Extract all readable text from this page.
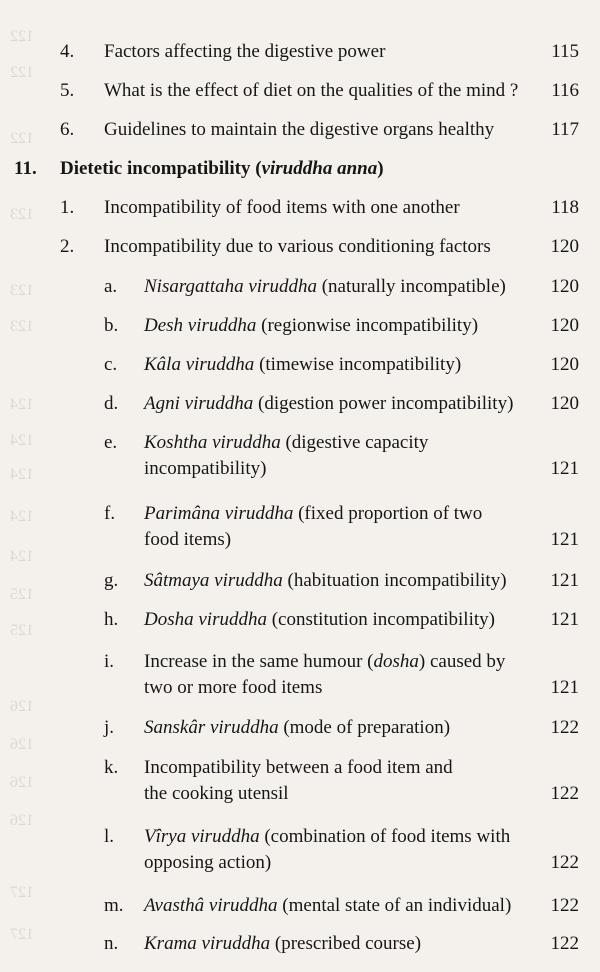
122
122
122
123
123
123
124
124
124
124
124
125
125
126
126
126
126
127
127
4. Factors affecting the digestive power	115
5. What is the effect of diet on the qualities of the mind ? 116
6. Guidelines to maintain the digestive organs healthy	117
11. Dietetic incompatibility (viruddha anna)
1. Incompatibility of food items with one another	118
2. Incompatibility due to various conditioning factors	120
a. Nisargattaha viruddha (naturally incompatible) 120
b. Desh viruddha (regionwise incompatibility)	120
c. Kâla viruddha (timewise incompatibility)	120
d. Agni viruddha (digestion power incompatibility) 120
e. Koshtha viruddha (digestive capacity
incompatibility)	121
f. Parimâna viruddha (fixed proportion of two
food items)	121
g. Sâtmaya viruddha (habituation incompatibility) 121
h. Dosha viruddha (constitution incompatibility)	121
i. Increase in the same humour (dosha) caused by
two or more food items	121
j. Sanskâr viruddha (mode of preparation)	122
k. Incompatibility between a food item and
the cooking utensil	122
l. Vîrya viruddha (combination of food items with
opposing action)	122
m. Avasthâ viruddha (mental state of an individual) 122
n. Krama viruddha (prescribed course)	122
